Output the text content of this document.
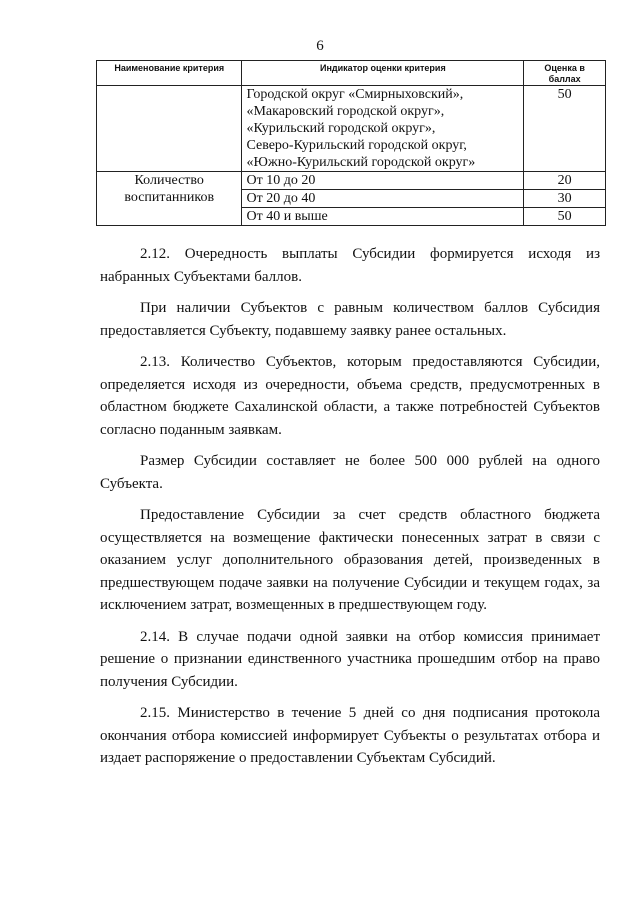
6
Наименование критерия	Индикатор оценки критерия	Оценка в баллах

	Городской округ «Смирныховский»,
«Макаровский городской округ»,
«Курильский городской округ»,
Северо-Курильский городской округ,
«Южно-Курильский городской округ»	50
Количество воспитанников	От 10 до 20	20
	От 20 до 40	30
	От 40 и выше	50

2.12. Очередность выплаты Субсидии формируется исходя из набранных Субъектами баллов.

При наличии Субъектов с равным количеством баллов Субсидия предоставляется Субъекту, подавшему заявку ранее остальных.

2.13. Количество Субъектов, которым предоставляются Субсидии, определяется исходя из очередности, объема средств, предусмотренных в областном бюджете Сахалинской области, а также потребностей Субъектов согласно поданным заявкам.

Размер Субсидии составляет не более 500 000 рублей на одного Субъекта.

Предоставление Субсидии за счет средств областного бюджета осуществляется на возмещение фактически понесенных затрат в связи с оказанием услуг дополнительного образования детей, произведенных в предшествующем подаче заявки на получение Субсидии и текущем годах, за исключением затрат, возмещенных в предшествующем году.

2.14. В случае подачи одной заявки на отбор комиссия принимает решение о признании единственного участника прошедшим отбор на право получения Субсидии.

2.15. Министерство в течение 5 дней со дня подписания протокола окончания отбора комиссией информирует Субъекты о результатах отбора и издает распоряжение о предоставлении Субъектам Субсидий.
